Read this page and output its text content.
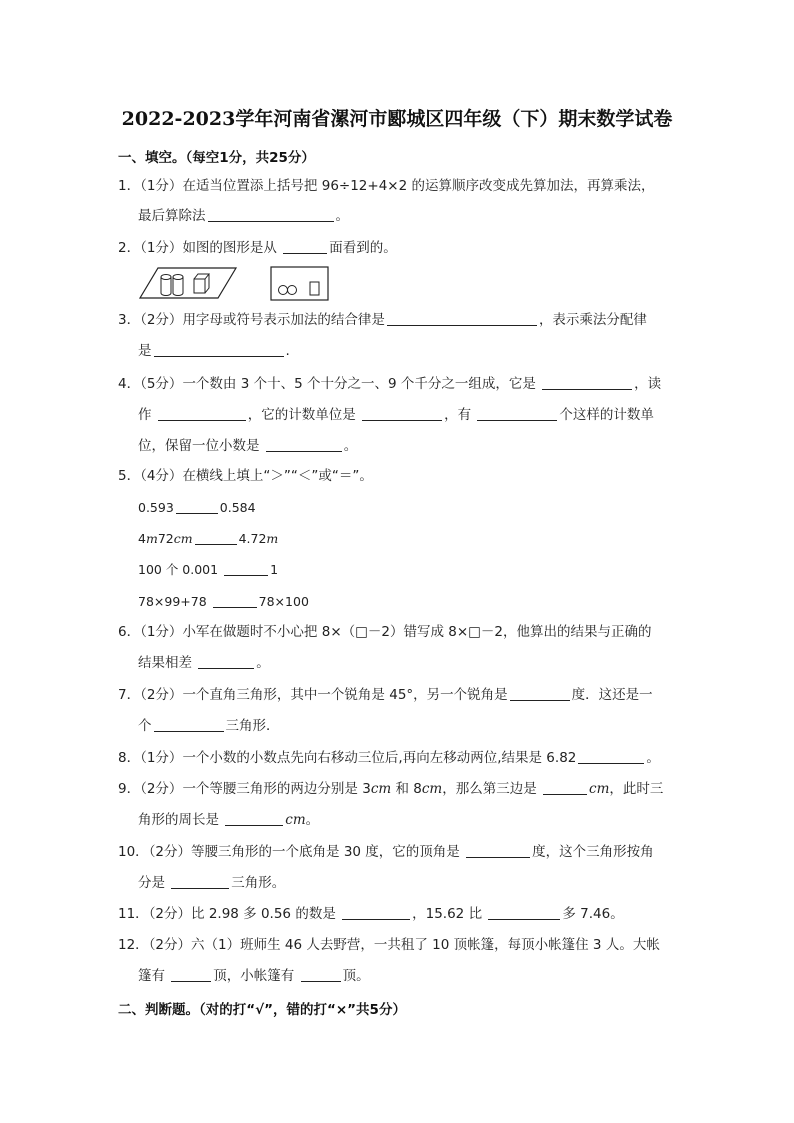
2022-2023学年河南省漯河市郾城区四年级（下）期末数学试卷
一、填空。（每空1分，共25分）
1．（1分）在适当位置添上括号把 96÷12+4×2 的运算顺序改变成先算加法，再算乘法，
最后算除法	。
2．（1分）如图的图形是从	面看到的。
3．（2分）用字母或符号表示加法的结合律是	，表示乘法分配律
是	.
4．（5分）一个数由 3 个十、5 个十分之一、9 个千分之一组成，它是	，读
作	，它的计数单位是	，有	个这样的计数单
位，保留一位小数是	。
5．（4分）在横线上填上“＞”“＜”或“＝”。
0.593	0.584
4m72cm	4.72m
100 个 0.001	1
78×99+78	78×100
6．（1分）小军在做题时不小心把 8×（□－2）错写成 8×□－2，他算出的结果与正确的
结果相差	。
7．（2分）一个直角三角形，其中一个锐角是 45°，另一个锐角是	度．这还是一
个	三角形．
8．（1分）一个小数的小数点先向右移动三位后,再向左移动两位,结果是 6.82	。
9．（2分）一个等腰三角形的两边分别是 3cm 和 8cm，那么第三边是	cm，此时三
角形的周长是	cm。
10．（2分）等腰三角形的一个底角是 30 度，它的顶角是	度，这个三角形按角
分是	三角形。
11．（2分）比 2.98 多 0.56 的数是	，15.62 比	多 7.46。
12．（2分）六（1）班师生 46 人去野营，一共租了 10 顶帐篷，每顶小帐篷住 3 人。大帐
篷有	顶，小帐篷有	顶。
二、判断题。（对的打“√”，错的打“×”共5分）
